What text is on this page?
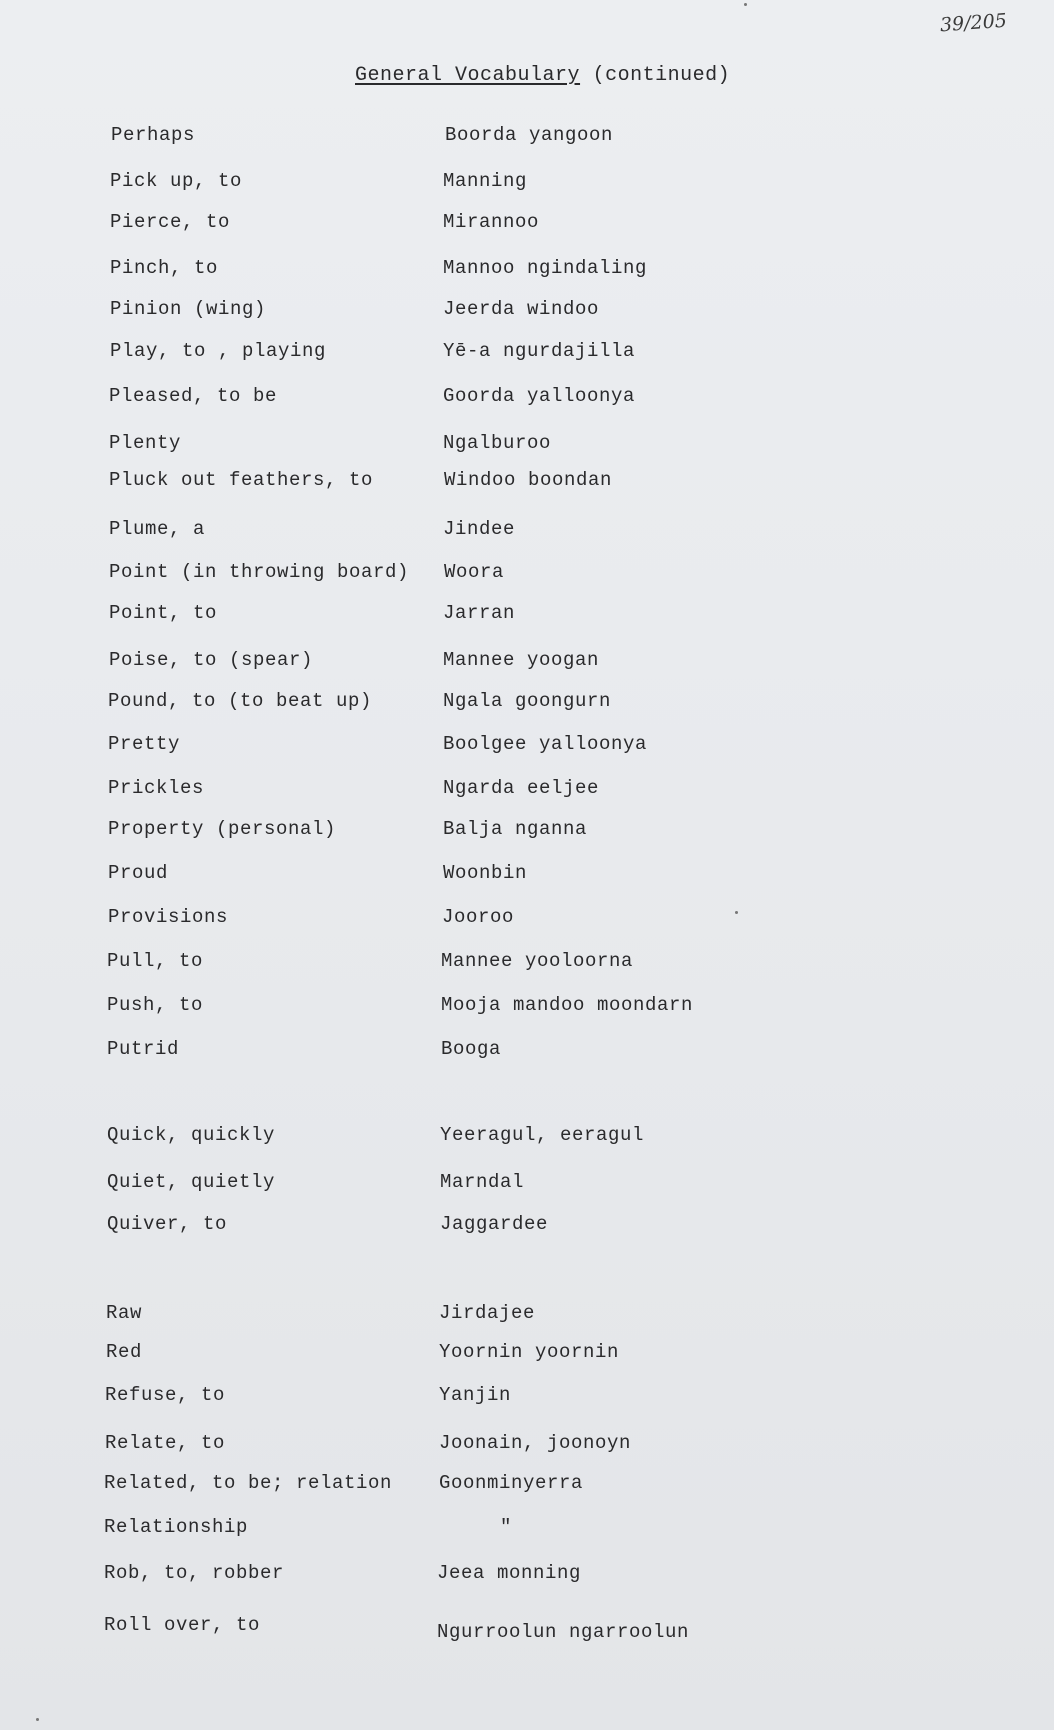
39/205
General Vocabulary (continued)
Perhaps	Boorda yangoon
Pick up, to	Manning
Pierce, to	Mirannoo
Pinch, to	Mannoo ngindaling
Pinion (wing)	Jeerda windoo
Play, to , playing	Yē-a ngurdajilla
Pleased, to be	Goorda yalloonya
Plenty	Ngalburoo
Pluck out feathers, to	Windoo boondan
Plume, a	Jindee
Point (in throwing board) Woora
Point, to	Jarran
Poise, to (spear)	Mannee yoogan
Pound, to (to beat up)	Ngala goongurn
Pretty	Boolgee yalloonya
Prickles	Ngarda eeljee
Property (personal)	Balja nganna
Proud	Woonbin
Provisions	Jooroo
Pull, to	Mannee yooloorna
Push, to	Mooja mandoo moondarn
Putrid	Booga
Quick, quickly	Yeeragul, eeragul
Quiet, quietly	Marndal
Quiver, to	Jaggardee
Raw	Jirdajee
Red	Yoornin yoornin
Refuse, to	Yanjin
Relate, to	Joonain, joonoyn
Related, to be; relation Goonminyerra
Relationship	"
Rob, to, robber	Jeea monning
Roll over, to	Ngurroolun ngarroolun
